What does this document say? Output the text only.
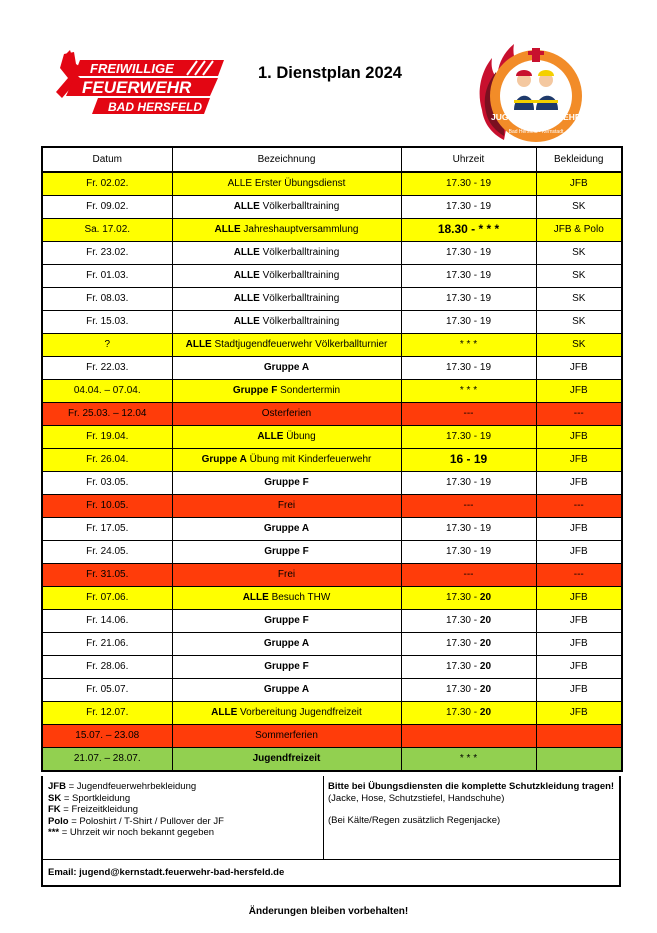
FREIWILLIGE
FEUERWEHR
BAD HERSFELD
1. Dienstplan 2024
JUGENDFEUERWEHR
Bad Hersfeld - Kernstadt
Datum	Bezeichnung	Uhrzeit	Bekleidung
Fr. 02.02.	ALLE Erster Übungsdienst	17.30 - 19	JFB
Fr. 09.02.	ALLE Völkerballtraining	17.30 - 19	SK
Sa. 17.02.	ALLE Jahreshauptversammlung	18.30 - * * *	JFB & Polo
Fr. 23.02.	ALLE Völkerballtraining	17.30 - 19	SK
Fr. 01.03.	ALLE Völkerballtraining	17.30 - 19	SK
Fr. 08.03.	ALLE Völkerballtraining	17.30 - 19	SK
Fr. 15.03.	ALLE Völkerballtraining	17.30 - 19	SK
?	ALLE Stadtjugendfeuerwehr Völkerballturnier	* * *	SK
Fr. 22.03.	Gruppe A	17.30 - 19	JFB
04.04. – 07.04.	Gruppe F Sondertermin	* * *	JFB
Fr. 25.03. – 12.04	Osterferien	---	---
Fr. 19.04.	ALLE Übung	17.30 - 19	JFB
Fr. 26.04.	Gruppe A Übung mit Kinderfeuerwehr	16 - 19	JFB
Fr. 03.05.	Gruppe F	17.30 - 19	JFB
Fr. 10.05.	Frei	---	---
Fr. 17.05.	Gruppe A	17.30 - 19	JFB
Fr. 24.05.	Gruppe F	17.30 - 19	JFB
Fr. 31.05.	Frei	---	---
Fr. 07.06.	ALLE Besuch THW	17.30 - 20	JFB
Fr. 14.06.	Gruppe F	17.30 - 20	JFB
Fr. 21.06.	Gruppe A	17.30 - 20	JFB
Fr. 28.06.	Gruppe F	17.30 - 20	JFB
Fr. 05.07.	Gruppe A	17.30 - 20	JFB
Fr. 12.07.	ALLE Vorbereitung Jugendfreizeit	17.30 - 20	JFB
15.07. – 23.08	Sommerferien		
21.07. – 28.07.	Jugendfreizeit	* * *	
JFB = Jugendfeuerwehrbekleidung
SK = Sportkleidung
FK = Freizeitkleidung
Polo = Poloshirt / T-Shirt / Pullover der JF
*** = Uhrzeit wir noch bekannt gegeben
Bitte bei Übungsdiensten die komplette Schutzkleidung tragen!
(Jacke, Hose, Schutzstiefel, Handschuhe)
(Bei Kälte/Regen zusätzlich Regenjacke)
Email: jugend@kernstadt.feuerwehr-bad-hersfeld.de
Änderungen bleiben vorbehalten!
